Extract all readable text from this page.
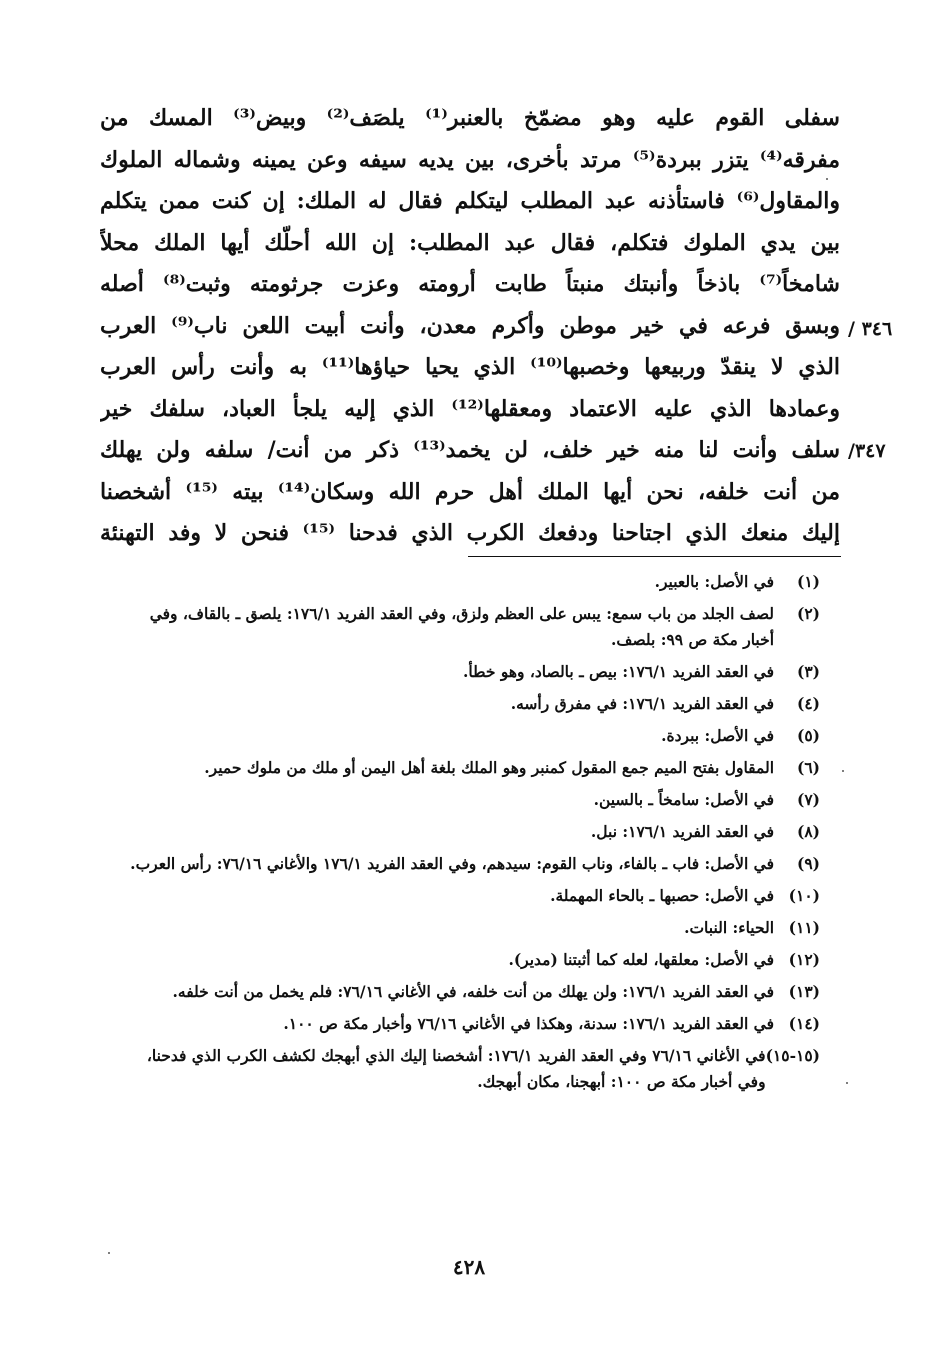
سفلى القوم عليه وهو مضمّخ بالعنبر⁽¹⁾ يلصَف⁽²⁾ وبيض⁽³⁾ المسك من
مفرقه⁽⁴⁾ يتزر ببردة⁽⁵⁾ مرتد بأخرى، بين يديه سيفه وعن يمينه وشماله الملوك
والمقاول⁽⁶⁾ فاستأذنه عبد المطلب ليتكلم فقال له الملك: إن كنت ممن يتكلم
بين يدي الملوك فتكلم، فقال عبد المطلب: إن الله أحلّك أيها الملك محلاً
شامخاً⁽⁷⁾ باذخاً وأنبتك منبتاً طابت أرومته وعزت جرثومته وثبت⁽⁸⁾ أصله
وبسق فرعه في خير موطن وأكرم معدن، وأنت أبيت اللعن ناب⁽⁹⁾ العرب
الذي لا ينقدّ وربيعها وخصبها⁽¹⁰⁾ الذي يحيا حياؤها⁽¹¹⁾ به وأنت رأس العرب
وعمادها الذي عليه الاعتماد ومعقلها⁽¹²⁾ الذي إليه يلجأ العباد، سلفك خير
سلف وأنت لنا منه خير خلف، لن يخمد⁽¹³⁾ ذكر من أنت/ سلفه ولن يهلك
من أنت خلفه، نحن أيها الملك أهل حرم الله وسكان⁽¹⁴⁾ بيته ⁽¹⁵⁾ أشخصنا
إليك منعك الذي اجتاحنا ودفعك الكرب الذي فدحنا ⁽¹⁵⁾ فنحن لا وفد التهنئة
٣٤٦ /
٣٤٧/
(١)
في الأصل: بالعبير.
(٢)
لصف الجلد من باب سمع: يبس على العظم ولزق، وفي العقد الفريد ١٧٦/١: يلصق ـ بالقاف، وفي أخبار مكة ص ٩٩: بلصف.
(٣)
في العقد الفريد ١٧٦/١: بيص ـ بالصاد، وهو خطأ.
(٤)
في العقد الفريد ١٧٦/١: في مفرق رأسه.
(٥)
في الأصل: ببردة.
(٦)
المقاول بفتح الميم جمع المقول كمنبر وهو الملك بلغة أهل اليمن أو ملك من ملوك حمير.
(٧)
في الأصل: سامخاً ـ بالسين.
(٨)
في العقد الفريد ١٧٦/١: نبل.
(٩)
في الأصل: فاب ـ بالفاء، وناب القوم: سيدهم، وفي العقد الفريد ١٧٦/١ والأغاني ٧٦/١٦: رأس العرب.
(١٠)
في الأصل: حصبها ـ بالحاء المهملة.
(١١)
الحياء: النبات.
(١٢)
في الأصل: معلقها، لعله كما أثبتنا (مدير).
(١٣)
في العقد الفريد ١٧٦/١: ولن يهلك من أنت خلفه، في الأغاني ٧٦/١٦: فلم يخمل من أنت خلفه.
(١٤)
في العقد الفريد ١٧٦/١: سدنة، وهكذا في الأغاني ٧٦/١٦ وأخبار مكة ص ١٠٠.
(١٥-١٥)
في الأغاني ٧٦/١٦ وفي العقد الفريد ١٧٦/١: أشخصنا إليك الذي أبهجك لكشف الكرب الذي فدحنا، وفي أخبار مكة ص ١٠٠: أبهجنا، مكان أبهجك.
٤٢٨
